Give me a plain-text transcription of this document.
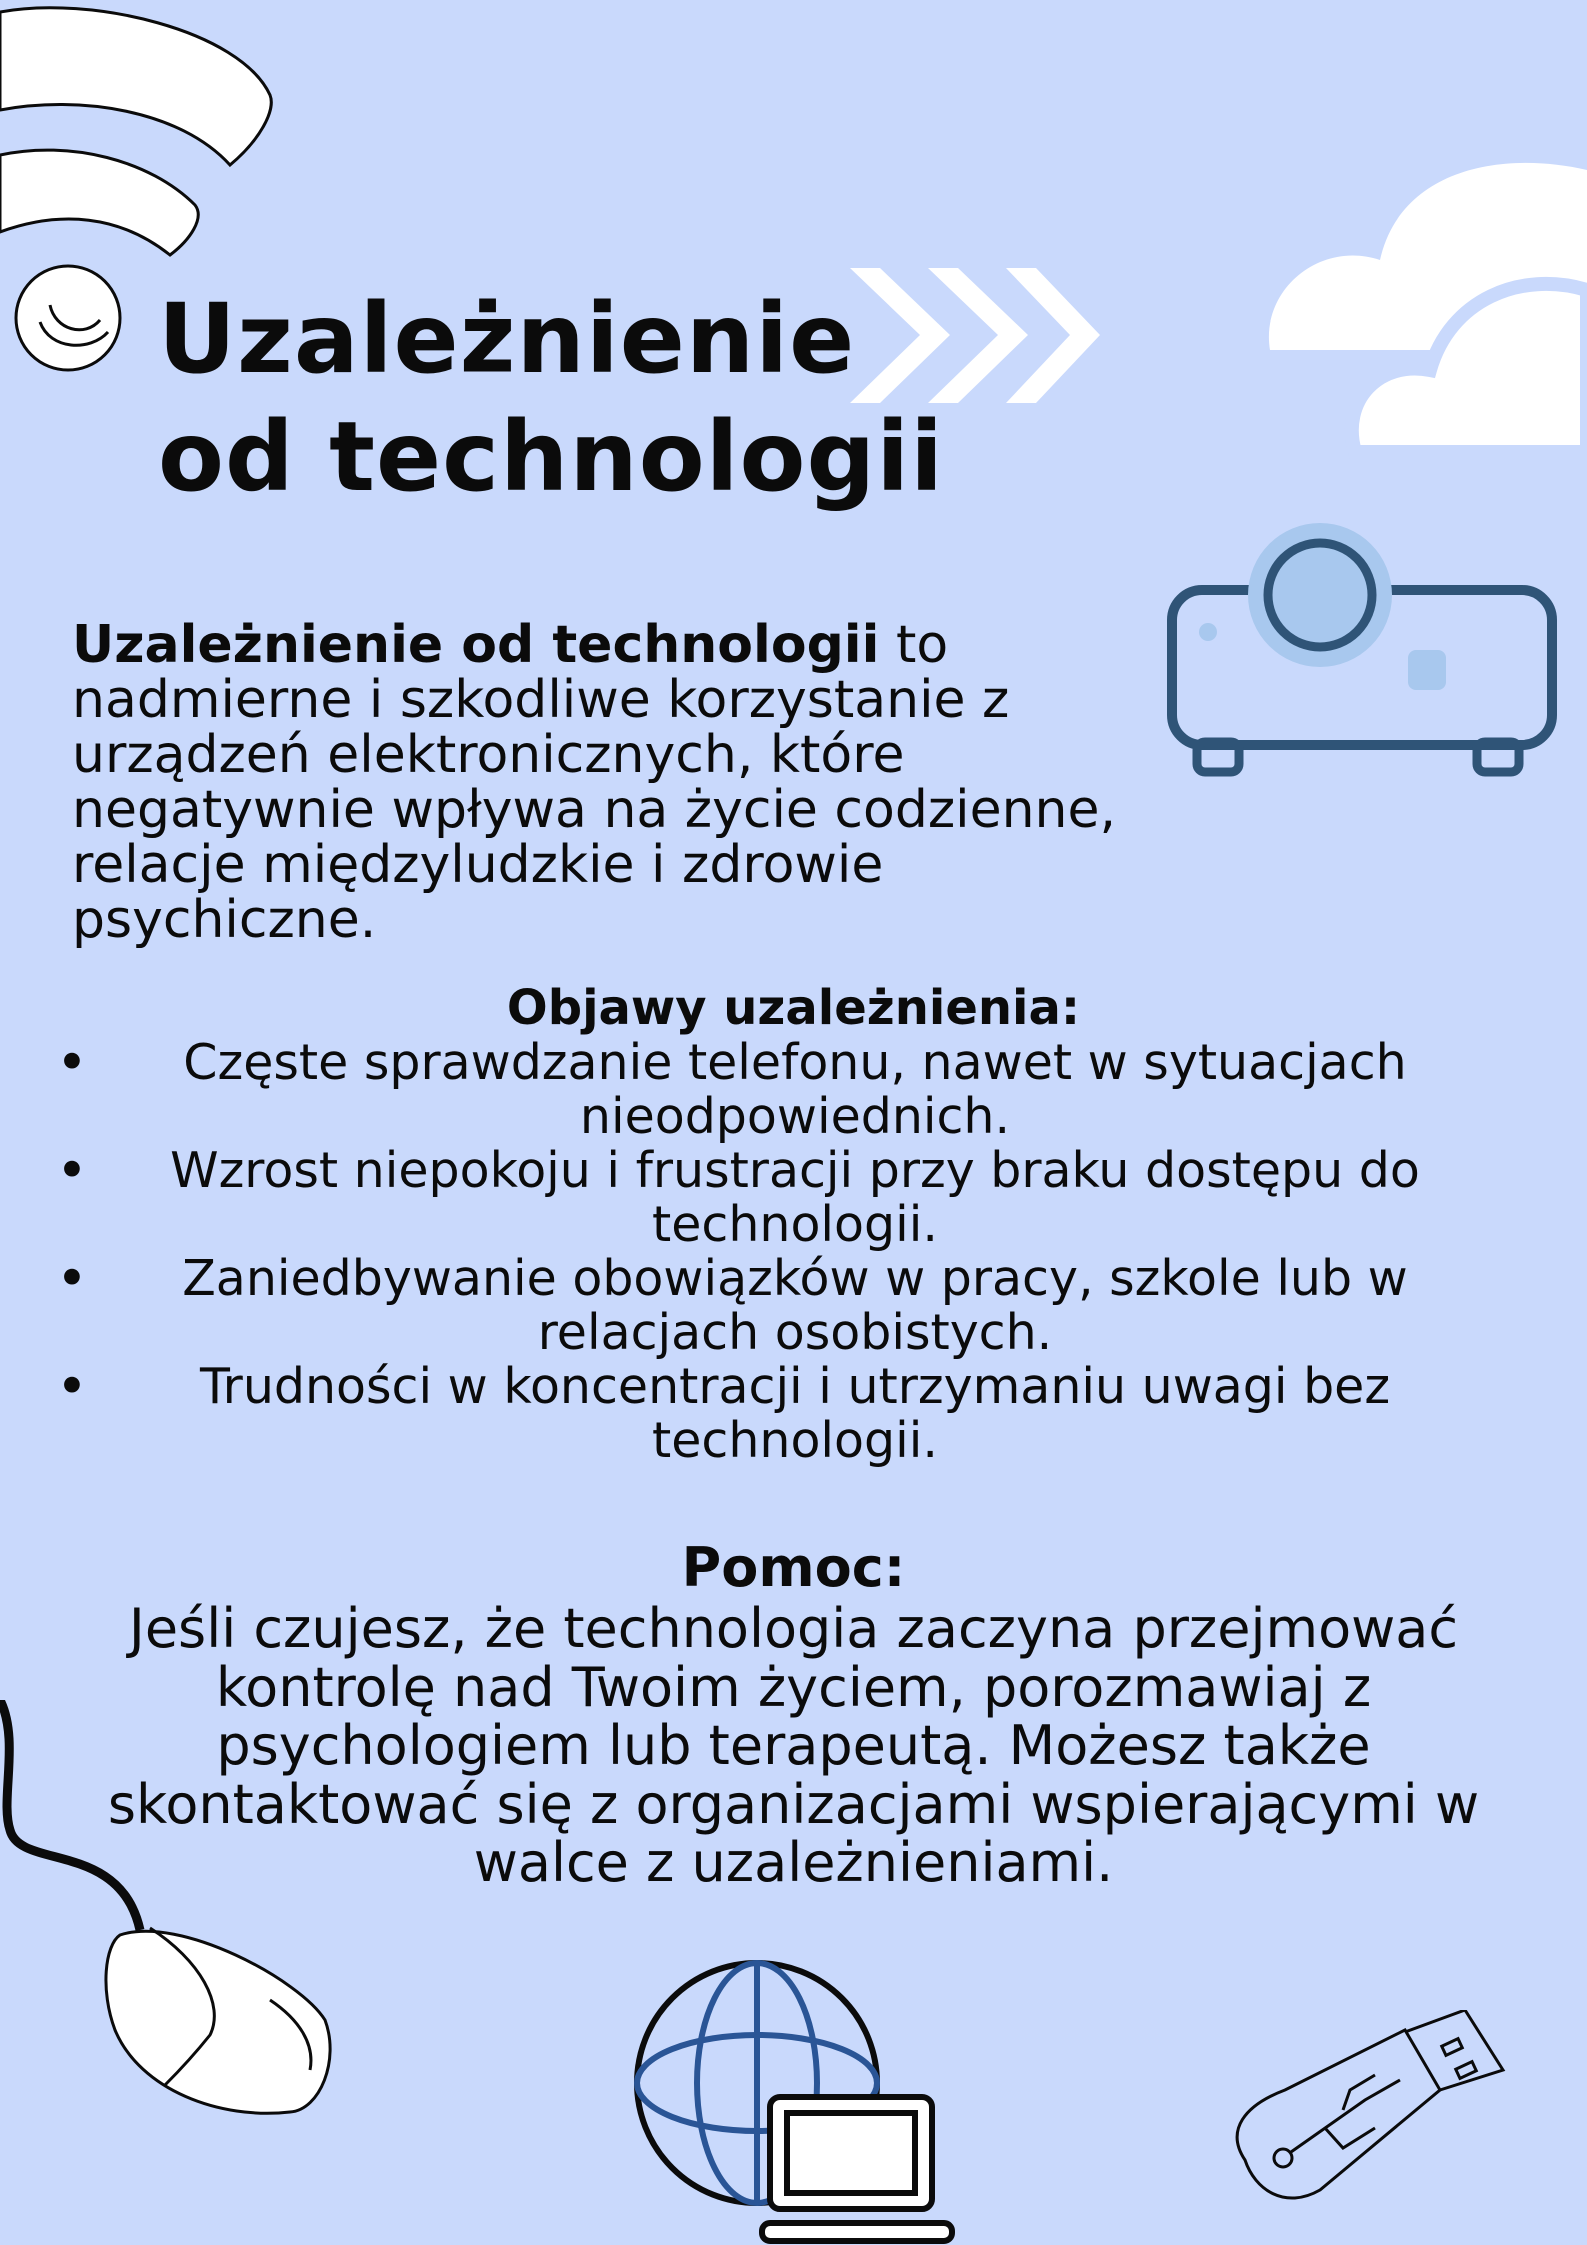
Uzależnienie
od technologii

Uzależnienie od technologii to
nadmierne i szkodliwe korzystanie z
urządzeń elektronicznych, które
negatywnie wpływa na życie codzienne,
relacje międzyludzkie i zdrowie
psychiczne.

Objawy uzależnienia:
• Częste sprawdzanie telefonu, nawet w sytuacjach
nieodpowiednich.
• Wzrost niepokoju i frustracji przy braku dostępu do
technologii.
• Zaniedbywanie obowiązków w pracy, szkole lub w
relacjach osobistych.
• Trudności w koncentracji i utrzymaniu uwagi bez
technologii.
Pomoc:

Jeśli czujesz, że technologia zaczyna przejmować
kontrolę nad Twoim życiem, porozmawiaj z
psychologiem lub terapeutą. Możesz także
skontaktować się z organizacjami wspierającymi w
walce z uzależnieniami.
